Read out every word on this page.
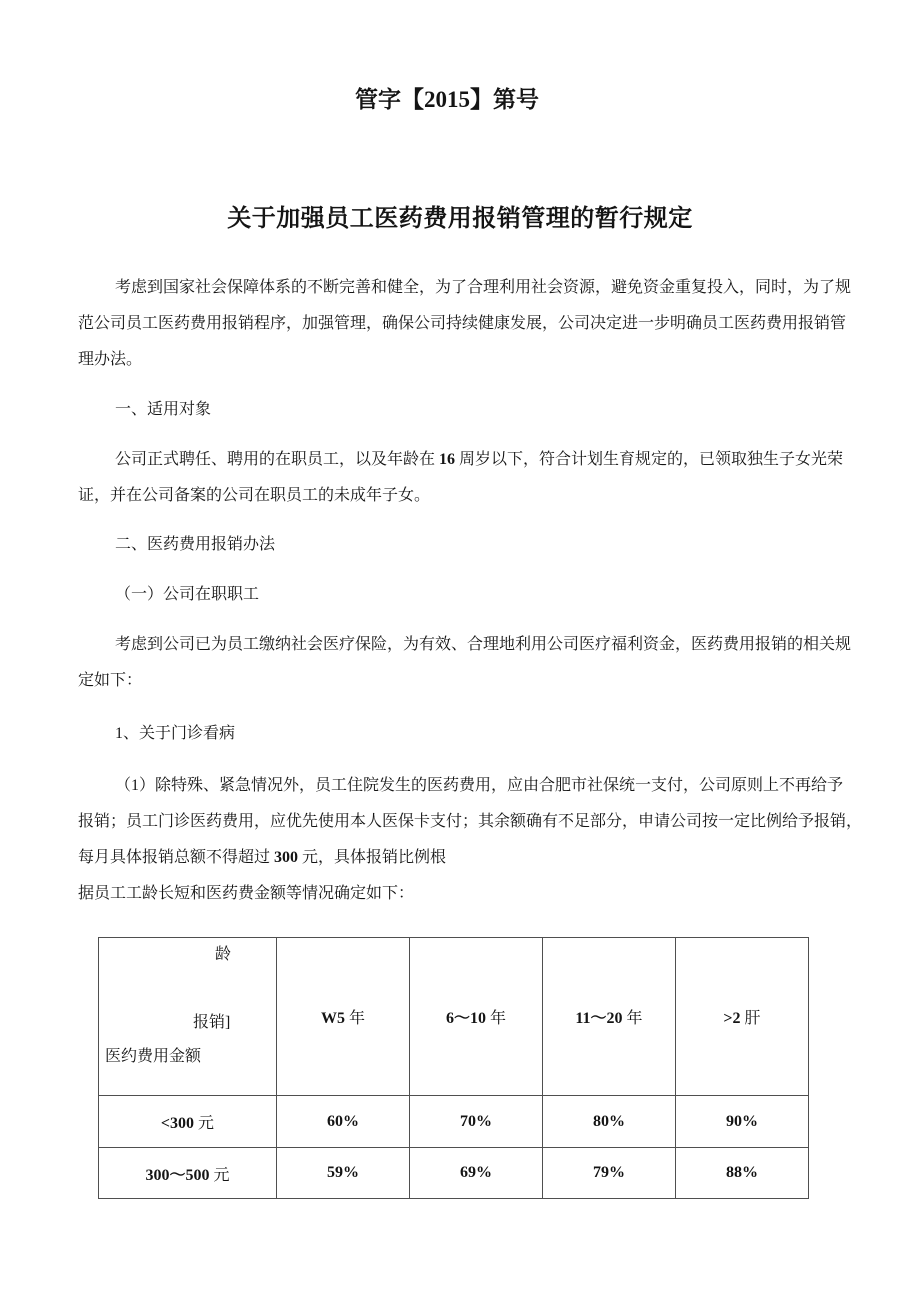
管字【2015】第号
关于加强员工医药费用报销管理的暂行规定
考虑到国家社会保障体系的不断完善和健全，为了合理利用社会资源，避免资金重复投入，同时，为了规
范公司员工医药费用报销程序，加强管理，确保公司持续健康发展，公司决定进一步明确员工医药费用报销管
理办法。
一、适用对象
公司正式聘任、聘用的在职员工，以及年龄在 16 周岁以下，符合计划生育规定的，已领取独生子女光荣
证，并在公司备案的公司在职员工的未成年子女。
二、医药费用报销办法
（一）公司在职职工
考虑到公司已为员工缴纳社会医疗保险，为有效、合理地利用公司医疗福利资金，医药费用报销的相关规
定如下：
1、关于门诊看病
（1）除特殊、紧急情况外，员工住院发生的医药费用，应由合肥市社保统一支付，公司原则上不再给予
报销；员工门诊医药费用，应优先使用本人医保卡支付；其余额确有不足部分，申请公司按一定比例给予报销，
每月具体报销总额不得超过 300 元，具体报销比例根
据员工工龄长短和医药费金额等情况确定如下：

龄

报销]

医约费用金额	W5 年	6～10 年	11～20 年	>2 肝
<300 元	60%	70%	80%	90%
300～500 元	59%	69%	79%	88%
